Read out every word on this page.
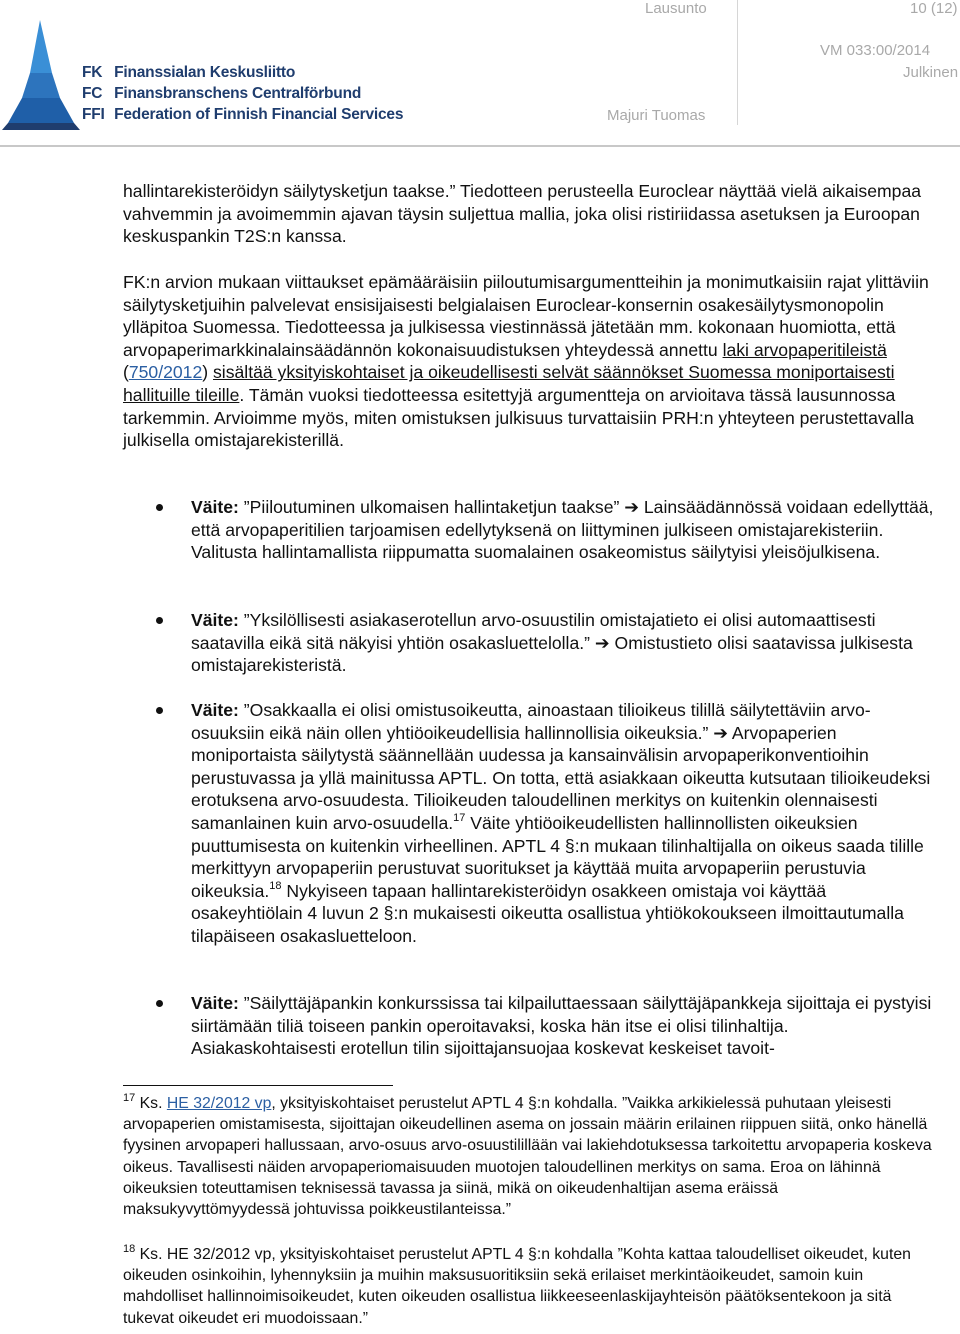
FK Finanssialan Keskusliitto
FC Finansbranschens Centralförbund
FFI Federation of Finnish Financial Services
Lausunto	10 (12)
VM 033:00/2014
Julkinen
Majuri Tuomas

hallintarekisteröidyn säilytysketjun taakse.” Tiedotteen perusteella Euroclear näyttää vielä aikaisempaa vahvemmin ja avoimemmin ajavan täysin suljettua mallia, joka olisi ristiriidassa asetuksen ja Euroopan keskuspankin T2S:n kanssa.

FK:n arvion mukaan viittaukset epämääräisiin piiloutumisargumentteihin ja monimutkaisiin rajat ylittäviin säilytysketjuihin palvelevat ensisijaisesti belgialaisen Euroclear-konsernin osakesäilytysmonopolin ylläpitoa Suomessa. Tiedotteessa ja julkisessa viestinnässä jätetään mm. kokonaan huomiotta, että arvopaperimarkkinalainsäädännön kokonaisuudistuksen yhteydessä annettu laki arvopaperitileistä (750/2012) sisältää yksityiskohtaiset ja oikeudellisesti selvät säännökset Suomessa moniportaisesti hallituille tileille. Tämän vuoksi tiedotteessa esitettyjä argumentteja on arvioitava tässä lausunnossa tarkemmin. Arvioimme myös, miten omistuksen julkisuus turvattaisiin PRH:n yhteyteen perustettavalla julkisella omistajarekisterillä.

Väite: ”Piiloutuminen ulkomaisen hallintaketjun taakse” ➔ Lainsäädännössä voidaan edellyttää, että arvopaperitilien tarjoamisen edellytyksenä on liittyminen julkiseen omistajarekisteriin. Valitusta hallintamallista riippumatta suomalainen osakeomistus säilytyisi yleisöjulkisena.

Väite: ”Yksilöllisesti asiakaserotellun arvo-osuustilin omistajatieto ei olisi automaattisesti saatavilla eikä sitä näkyisi yhtiön osakasluettelolla.” ➔ Omistustieto olisi saatavissa julkisesta omistajarekisteristä.

Väite: ”Osakkaalla ei olisi omistusoikeutta, ainoastaan tilioikeus tilillä säilytettäviin arvo-osuuksiin eikä näin ollen yhtiöoikeudellisia hallinnollisia oikeuksia.” ➔ Arvopaperien moniportaista säilytystä säännellään uudessa ja kansainvälisin arvopaperikonventioihin perustuvassa ja yllä mainitussa APTL. On totta, että asiakkaan oikeutta kutsutaan tilioikeudeksi erotuksena arvo-osuudesta. Tilioikeuden taloudellinen merkitys on kuitenkin olennaisesti samanlainen kuin arvo-osuudella.$^{17}$ Väite yhtiöoikeudellisten hallinnollisten oikeuksien puuttumisesta on kuitenkin virheellinen. APTL 4 §:n mukaan tilinhaltijalla on oikeus saada tilille merkittyyn arvopaperiin perustuvat suoritukset ja käyttää muita arvopaperiin perustuvia oikeuksia.$^{18}$ Nykyiseen tapaan hallintarekisteröidyn osakkeen omistaja voi käyttää osakeyhtiölain 4 luvun 2 §:n mukaisesti oikeutta osallistua yhtiökokoukseen ilmoittautumalla tilapäiseen osakasluetteloon.

Väite: ”Säilyttäjäpankin konkurssissa tai kilpailuttaessaan säilyttäjäpankkeja sijoittaja ei pystyisi siirtämään tiliä toiseen pankin operoitavaksi, koska hän itse ei olisi tilinhaltija. Asiakaskohtaisesti erotellun tilin sijoittajansuojaa koskevat keskeiset tavoit-

$^{17}$ Ks. HE 32/2012 vp, yksityiskohtaiset perustelut APTL 4 §:n kohdalla. ”Vaikka arkikielessä puhutaan yleisesti arvopaperien omistamisesta, sijoittajan oikeudellinen asema on jossain määrin erilainen riippuen siitä, onko hänellä fyysinen arvopaperi hallussaan, arvo-osuus arvo-osuustilillään vai lakiehdotuksessa tarkoitettu arvopaperia koskeva oikeus. Tavallisesti näiden arvopaperiomaisuuden muotojen taloudellinen merkitys on sama. Eroa on lähinnä oikeuksien toteuttamisen teknisessä tavassa ja siinä, mikä on oikeudenhaltijan asema eräissä maksukyvyttömyydessä johtuvissa poikkeustilanteissa.”
$^{18}$ Ks. HE 32/2012 vp, yksityiskohtaiset perustelut APTL 4 §:n kohdalla ”Kohta kattaa taloudelliset oikeudet, kuten oikeuden osinkoihin, lyhennyksiin ja muihin maksusuoritiksiin sekä erilaiset merkintäoikeudet, samoin kuin mahdolliset hallinnoimisoikeudet, kuten oikeuden osallistua liikkeeseenlaskijayhteisön päätöksentekoon ja sitä tukevat oikeudet eri muodoissaan.”
